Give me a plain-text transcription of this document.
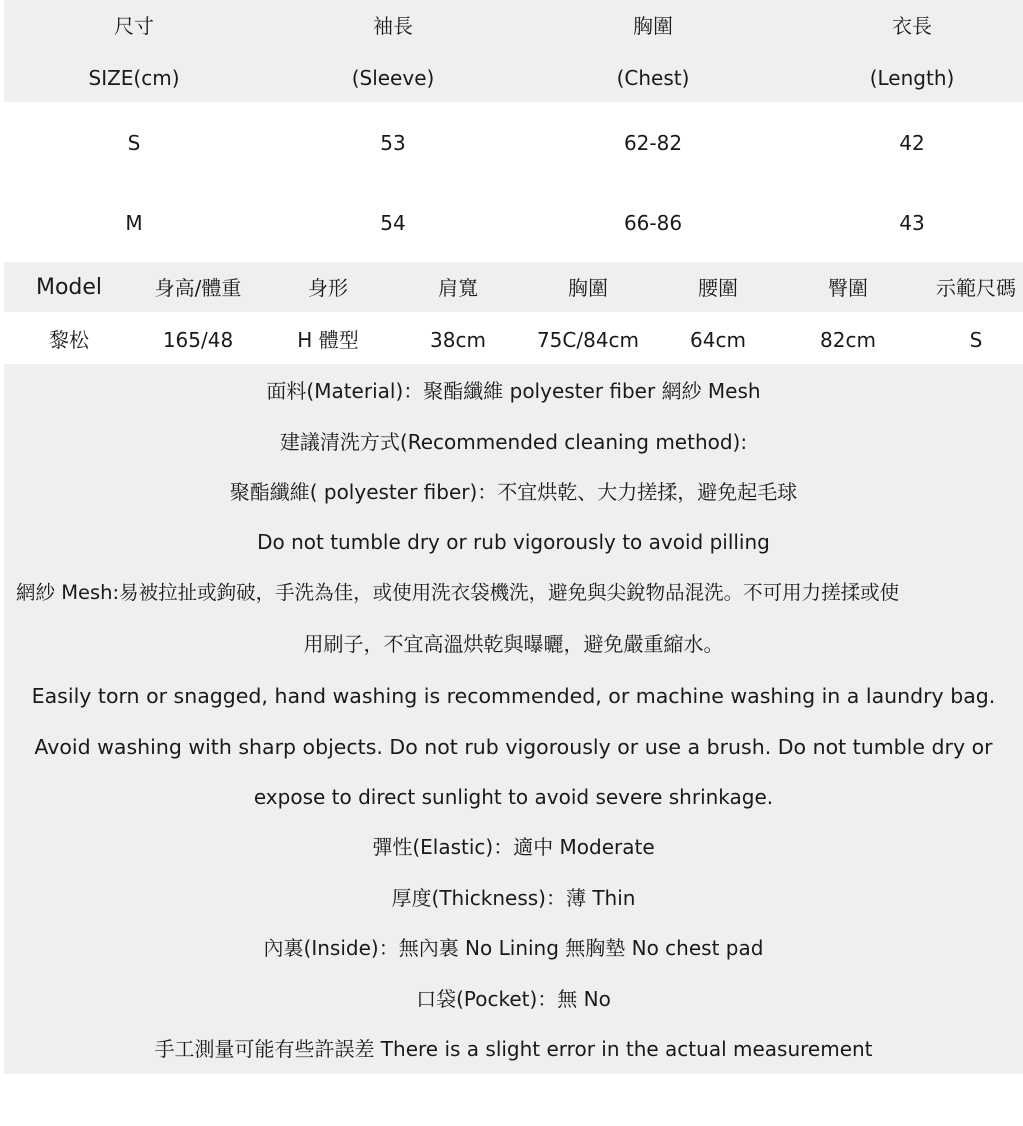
尺寸	袖長	胸圍	衣長
SIZE(cm)	(Sleeve)	(Chest)	(Length)
S	53	62-82	42
M	54	66-86	43
Model	身高/體重	身形	肩寬	胸圍	腰圍	臀圍	示範尺碼
黎松	165/48	H 體型	38cm	75C/84cm	64cm	82cm	S
面料(Material)：聚酯纖維 polyester fiber 網紗 Mesh
建議清洗方式(Recommended cleaning method):
聚酯纖維( polyester fiber)：不宜烘乾、大力搓揉，避免起毛球
Do not tumble dry or rub vigorously to avoid pilling
網紗 Mesh:易被拉扯或鉤破，手洗為佳，或使用洗衣袋機洗，避免與尖銳物品混洗。不可用力搓揉或使
用刷子，不宜高溫烘乾與曝曬，避免嚴重縮水。
Easily torn or snagged, hand washing is recommended, or machine washing in a laundry bag.
Avoid washing with sharp objects. Do not rub vigorously or use a brush. Do not tumble dry or
expose to direct sunlight to avoid severe shrinkage.
彈性(Elastic)：適中 Moderate
厚度(Thickness)：薄 Thin
內裏(Inside)：無內裏 No Lining 無胸墊 No chest pad
口袋(Pocket)：無 No
手工測量可能有些許誤差 There is a slight error in the actual measurement
